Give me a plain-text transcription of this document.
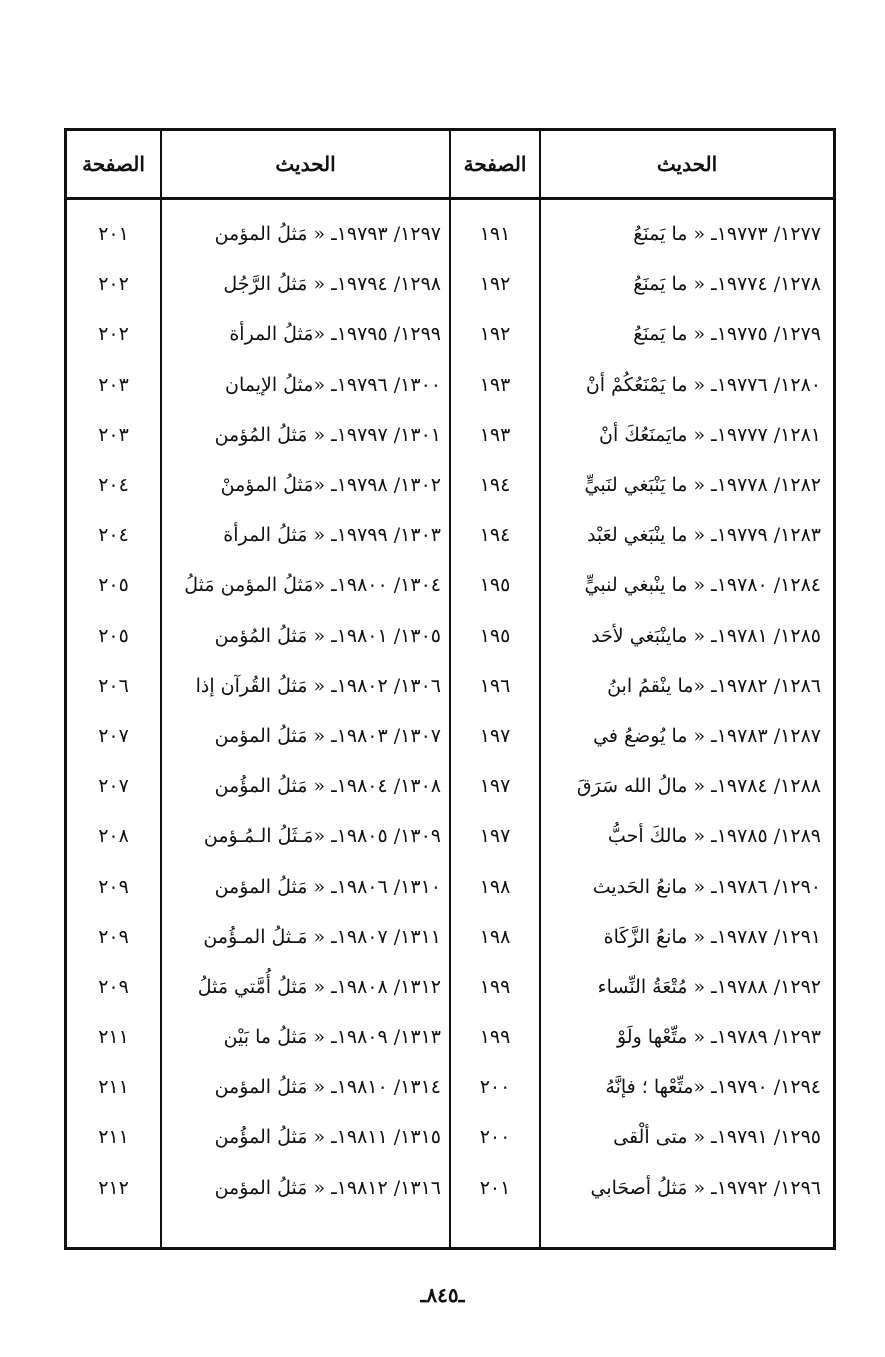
الحديث
الصفحة
الحديث
الصفحة
١٢٧٧/ ١٩٧٧٣ـ « ما يَمنَعُ
١٩١
١٢٩٧/ ١٩٧٩٣ـ « مَثلُ المؤمن
٢٠١
١٢٧٨/ ١٩٧٧٤ـ « ما يَمنَعُ
١٩٢
١٢٩٨/ ١٩٧٩٤ـ « مَثلُ الرَّجُل
٢٠٢
١٢٧٩/ ١٩٧٧٥ـ « ما يَمنَعُ
١٩٢
١٢٩٩/ ١٩٧٩٥ـ «مَثلُ المرأة
٢٠٢
١٢٨٠/ ١٩٧٧٦ـ « ما يَمْنَعُكُمْ أنْ
١٩٣
١٣٠٠/ ١٩٧٩٦ـ «مثلُ الإيمان
٢٠٣
١٢٨١/ ١٩٧٧٧ـ « مايَمنَعُكَ أنْ
١٩٣
١٣٠١/ ١٩٧٩٧ـ « مَثلُ المُؤمن
٢٠٣
١٢٨٢/ ١٩٧٧٨ـ « ما يَنْبَغي لنَبيٍّ
١٩٤
١٣٠٢/ ١٩٧٩٨ـ «مَثلُ المؤمنْ
٢٠٤
١٢٨٣/ ١٩٧٧٩ـ « ما ينْبَغي لعَبْد
١٩٤
١٣٠٣/ ١٩٧٩٩ـ « مَثلُ المرأة
٢٠٤
١٢٨٤/ ١٩٧٨٠ـ « ما ينْبغي لنبيٍّ
١٩٥
١٣٠٤/ ١٩٨٠٠ـ «مَثلُ المؤمن مَثلُ
٢٠٥
١٢٨٥/ ١٩٧٨١ـ « ماينْبَغي لأحَد
١٩٥
١٣٠٥/ ١٩٨٠١ـ « مَثلُ المُؤمن
٢٠٥
١٢٨٦/ ١٩٧٨٢ـ «ما ينْقمُ ابنُ
١٩٦
١٣٠٦/ ١٩٨٠٢ـ « مَثلُ القُرآن إذا
٢٠٦
١٢٨٧/ ١٩٧٨٣ـ « ما يُوضعُ في
١٩٧
١٣٠٧/ ١٩٨٠٣ـ « مَثلُ المؤمن
٢٠٧
١٢٨٨/ ١٩٧٨٤ـ « مالُ الله سَرَقَ
١٩٧
١٣٠٨/ ١٩٨٠٤ـ « مَثلُ المؤُمن
٢٠٧
١٢٨٩/ ١٩٧٨٥ـ « مالكَ أحبُّ
١٩٧
١٣٠٩/ ١٩٨٠٥ـ «مَـثَلُ الـمُـؤمن
٢٠٨
١٢٩٠/ ١٩٧٨٦ـ « مانعُ الحَديث
١٩٨
١٣١٠/ ١٩٨٠٦ـ « مَثلُ المؤمن
٢٠٩
١٢٩١/ ١٩٧٨٧ـ « مانعُ الزَّكَاة
١٩٨
١٣١١/ ١٩٨٠٧ـ « مَـثلُ المـؤُمن
٢٠٩
١٢٩٢/ ١٩٧٨٨ـ « مُتْعَةُ النِّساء
١٩٩
١٣١٢/ ١٩٨٠٨ـ « مَثلُ أُمَّتي مَثلُ
٢٠٩
١٢٩٣/ ١٩٧٨٩ـ « متِّعْها ولَوْ
١٩٩
١٣١٣/ ١٩٨٠٩ـ « مَثلُ ما بَيْن
٢١١
١٢٩٤/ ١٩٧٩٠ـ «متِّعْها ؛ فإنَّهُ
٢٠٠
١٣١٤/ ١٩٨١٠ـ « مَثلُ المؤمن
٢١١
١٢٩٥/ ١٩٧٩١ـ « متى ألْقى
٢٠٠
١٣١٥/ ١٩٨١١ـ « مَثلُ المؤُمن
٢١١
١٢٩٦/ ١٩٧٩٢ـ « مَثلُ أصحَابي
٢٠١
١٣١٦/ ١٩٨١٢ـ « مَثلُ المؤمن
٢١٢
ـ٨٤٥ـ
